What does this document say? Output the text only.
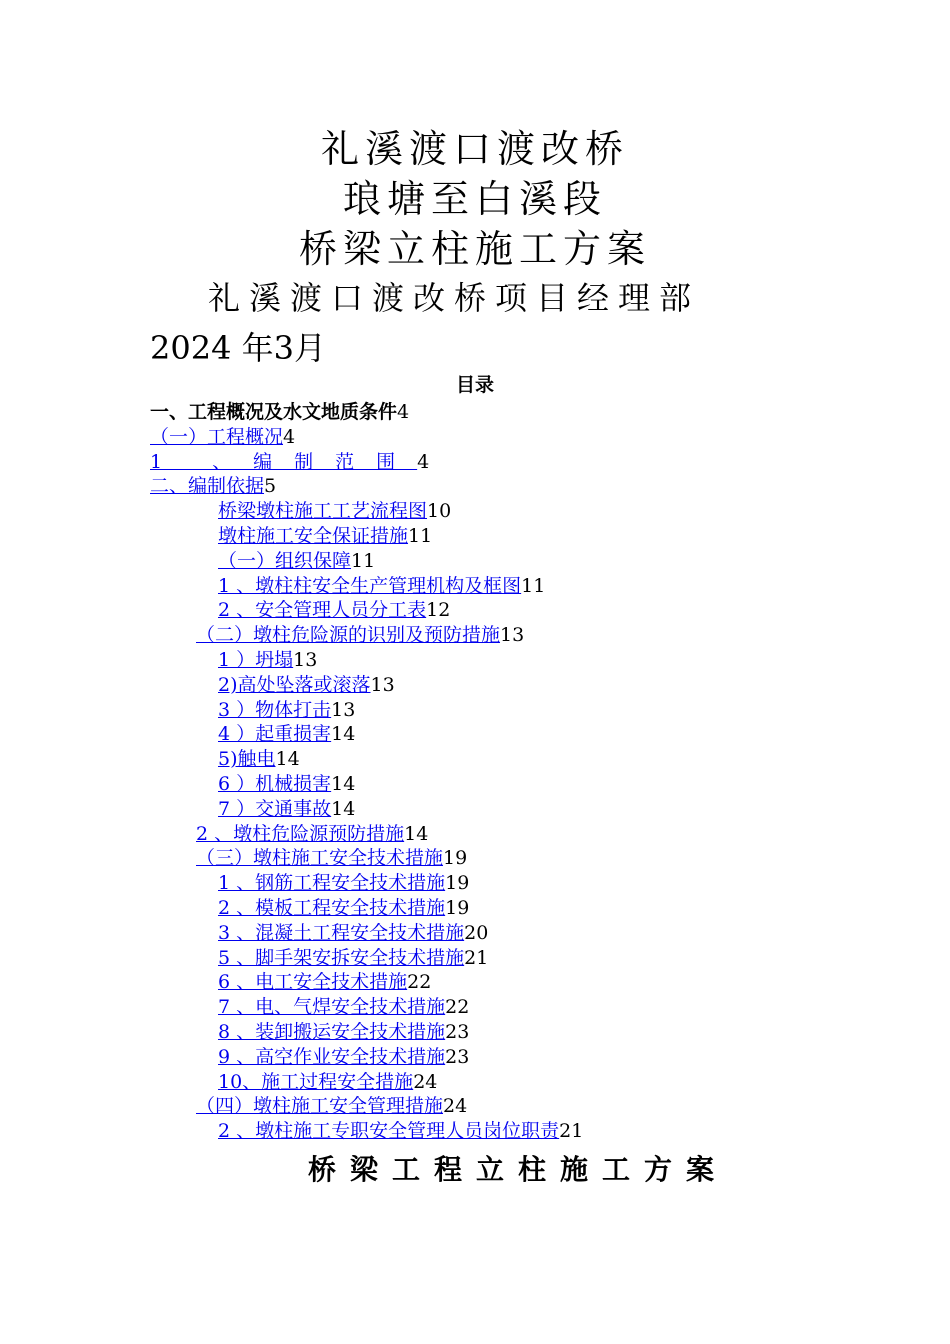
礼溪渡口渡改桥
琅塘至白溪段
桥梁立柱施工方案
礼溪渡口渡改桥项目经理部
2024 年3月
目录
一、工程概况及水文地质条件4
（一）工程概况4
1 、编制范围4
二、编制依据5
桥梁墩柱施工工艺流程图10
墩柱施工安全保证措施11
（一）组织保障11
1 、墩柱柱安全生产管理机构及框图11
2 、安全管理人员分工表12
（二）墩柱危险源的识别及预防措施13
1 ）坍塌13
2)高处坠落或滚落13
3 ）物体打击13
4 ）起重损害14
5)触电14
6 ）机械损害14
7 ）交通事故14
2 、墩柱危险源预防措施14
（三）墩柱施工安全技术措施19
1 、钢筋工程安全技术措施19
2 、模板工程安全技术措施19
3 、混凝土工程安全技术措施20
5 、脚手架安拆安全技术措施21
6 、电工安全技术措施22
7 、电、气焊安全技术措施22
8 、装卸搬运安全技术措施23
9 、高空作业安全技术措施23
10、施工过程安全措施24
（四）墩柱施工安全管理措施24
2 、墩柱施工专职安全管理人员岗位职责21
桥梁工程立柱施工方案
